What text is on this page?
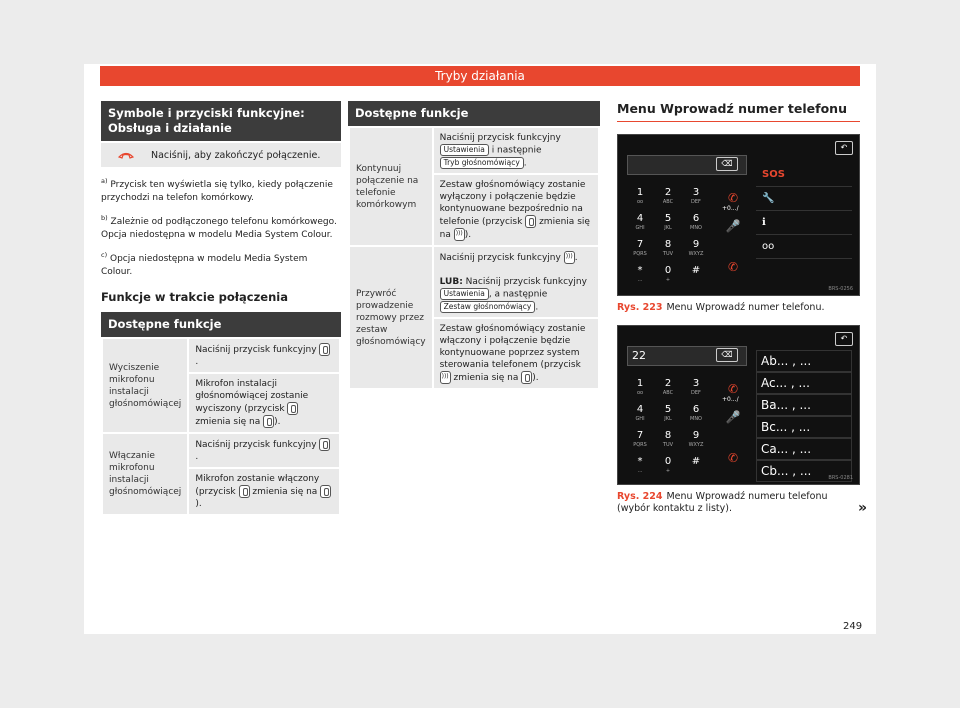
Tryby działania
Symbole i przyciski funkcyjne: Obsługa i działanie
Naciśnij, aby zakończyć połączenie.

$^{a)}$ Przycisk ten wyświetla się tylko, kiedy połączenie przychodzi na telefon komórkowy.

$^{b)}$ Zależnie od podłączonego telefonu komórkowego. Opcja niedostępna w modelu Media System Colour.

$^{c)}$ Opcja niedostępna w modelu Media System Colour.

Funkcje w trakcie połączenia
Dostępne funkcje
Wyciszenie mikrofonu instalacji głośnomówiącej	Naciśnij przycisk funkcyjny .
	Mikrofon instalacji głośnomówiącej zostanie wyciszony (przycisk  zmienia się na ).
Włączanie mikrofonu instalacji głośnomówiącej	Naciśnij przycisk funkcyjny .
	Mikrofon zostanie włączony (przycisk zmienia się na ).
Dostępne funkcje
Kontynuuj połączenie na telefonie komórkowym	Naciśnij przycisk funkcyjny Ustawienia i następnie Tryb głośnomówiący .
	Zestaw głośnomówiący zostanie wyłączony i połączenie będzie kontynuowane bezpośrednio na telefonie (przycisk zmienia się na ))) ).
Przywróć prowadzenie rozmowy przez zestaw głośnomówiący	Naciśnij przycisk funkcyjny ))) .

LUB: Naciśnij przycisk funkcyjny Ustawienia , a następnie Zestaw głośnomówiący .
	Zestaw głośnomówiący zostanie włączony i połączenie będzie kontynuowane poprzez system sterowania telefonem (przycisk ))) zmienia się na ).
Menu Wprowadź numer telefonu
⌫
↶
1
oo
2
ABC
3
DEF
4
GHI
5
JKL
6
MNO
7
PQRS
8
TUV
9
WXYZ
*
...
0
+
#
✆
+0.../
🎤
✆
SOS
🔧
ℹ
oo
BRS-0256
Rys. 223 Menu Wprowadź numer telefonu.
22	⌫
↶
1
oo
2
ABC
3
DEF
4
GHI
5
JKL
6
MNO
7
PQRS
8
TUV
9
WXYZ
*
...
0
+
#
✆
+0.../
🎤
✆
Ab... , ...
Ac... , ...
Ba... , ...
Bc... , ...
Ca... , ...
Cb... , ...	BRS-0281
Rys. 224 Menu Wprowadź numeru telefonu (wybór kontaktu z listy).	»
249
